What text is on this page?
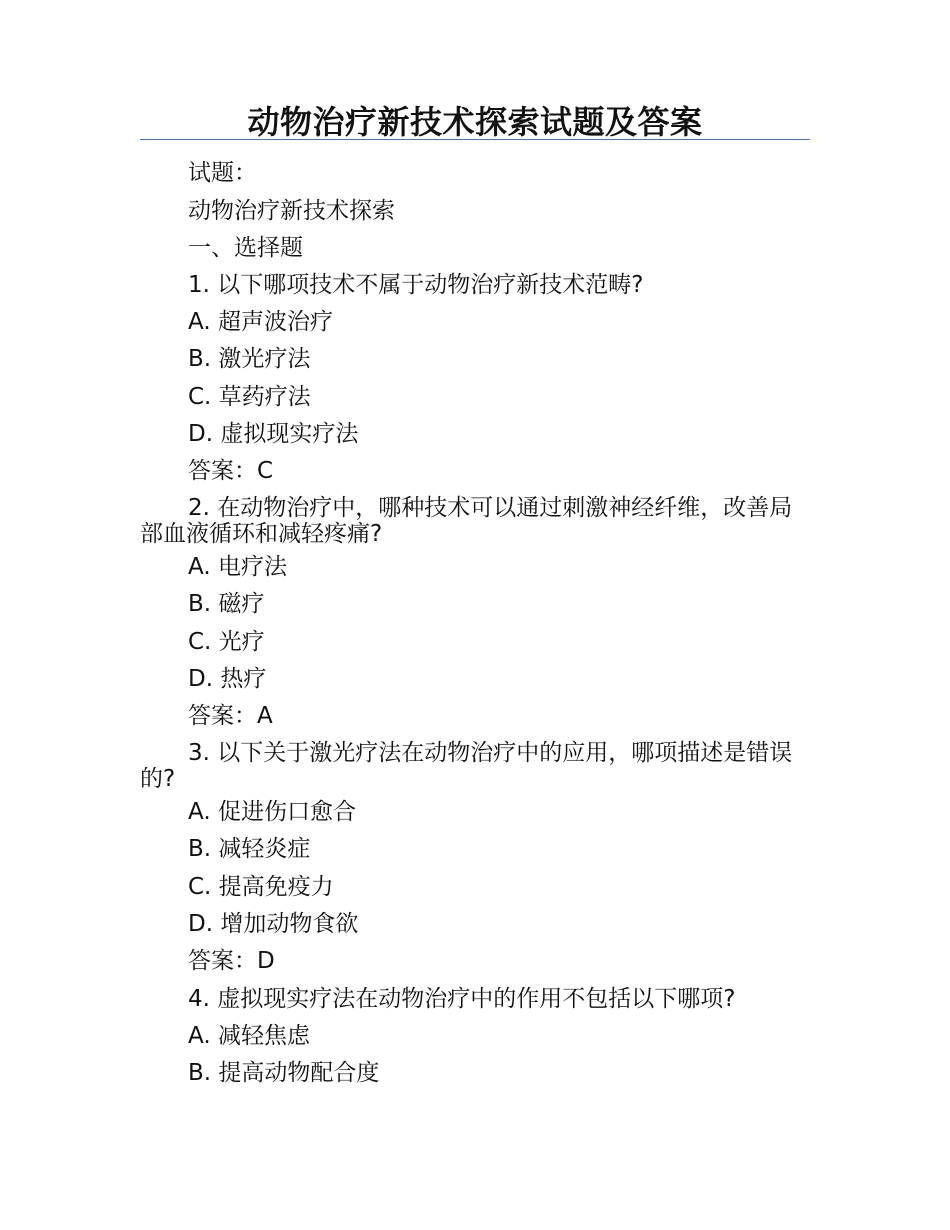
动物治疗新技术探索试题及答案
试题：
动物治疗新技术探索
一、选择题
1. 以下哪项技术不属于动物治疗新技术范畴?
A. 超声波治疗
B. 激光疗法
C. 草药疗法
D. 虚拟现实疗法
答案：C
2. 在动物治疗中，哪种技术可以通过刺激神经纤维，改善局部血液循环和减轻疼痛?
A. 电疗法
B. 磁疗
C. 光疗
D. 热疗
答案：A
3. 以下关于激光疗法在动物治疗中的应用，哪项描述是错误的?
A. 促进伤口愈合
B. 减轻炎症
C. 提高免疫力
D. 增加动物食欲
答案：D
4. 虚拟现实疗法在动物治疗中的作用不包括以下哪项?
A. 减轻焦虑
B. 提高动物配合度
